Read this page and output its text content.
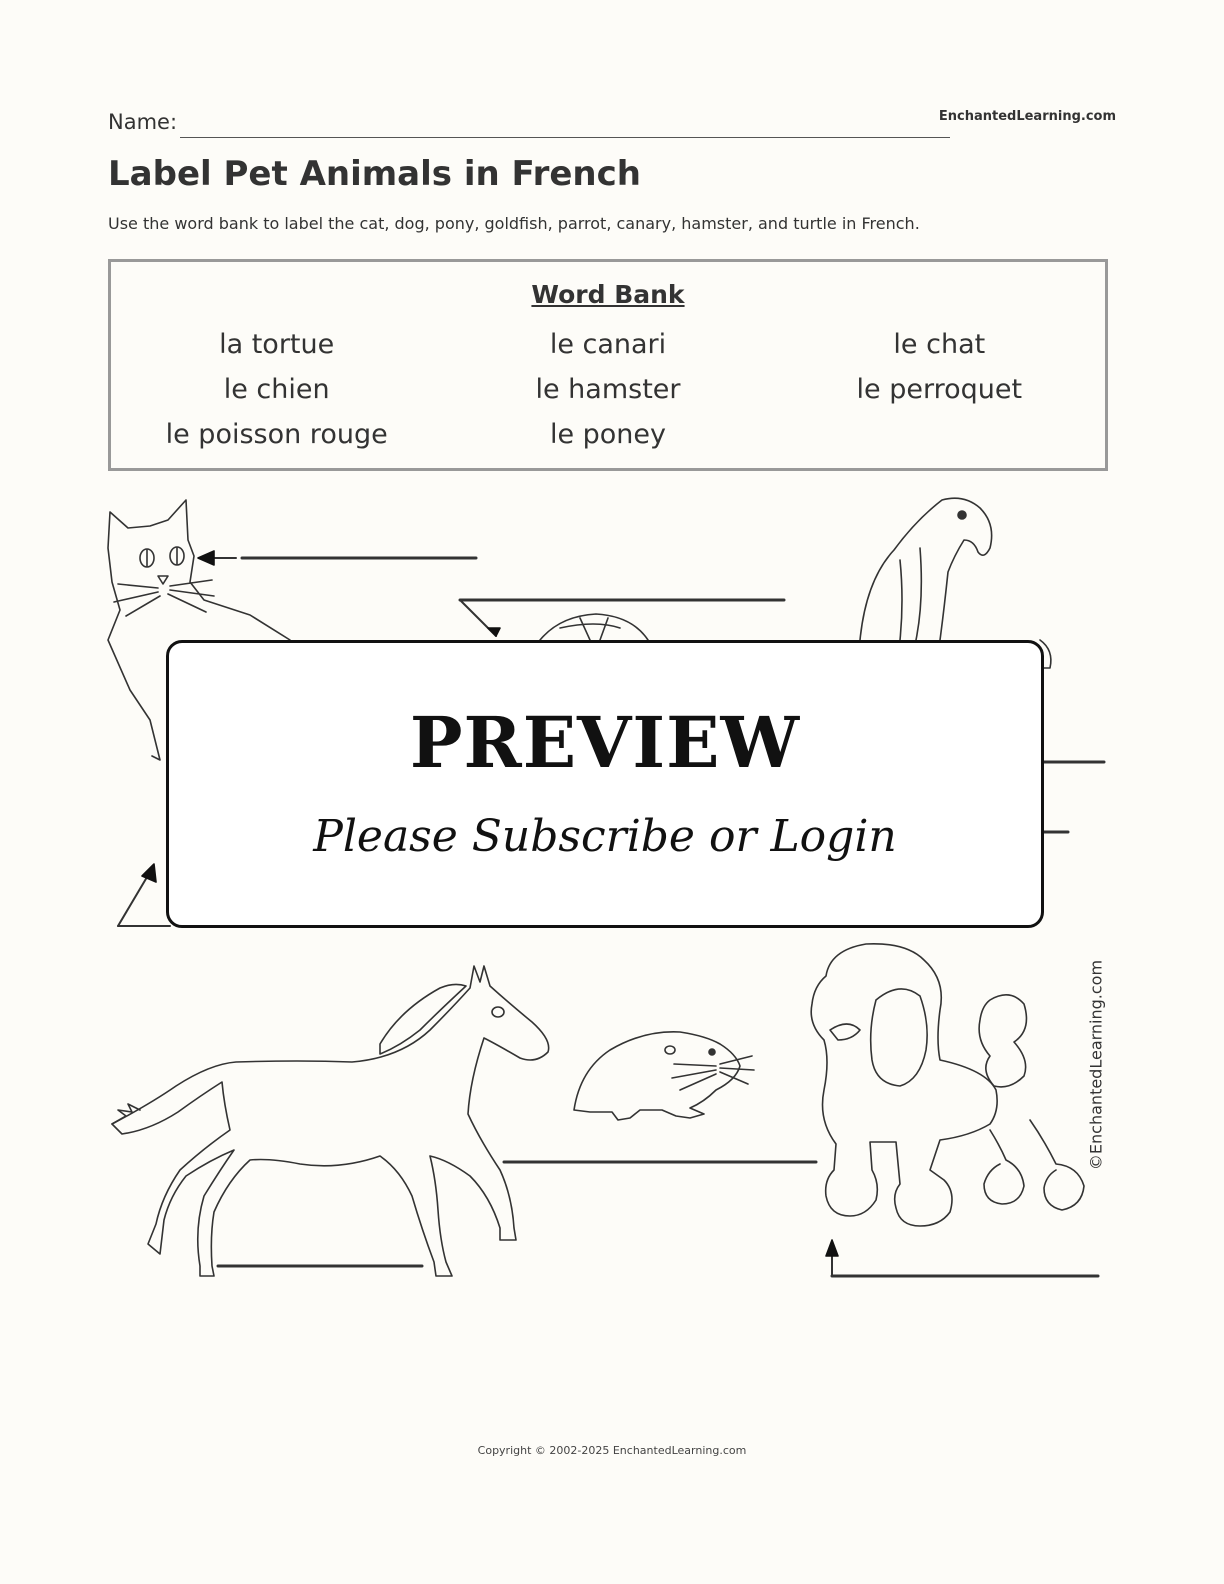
Name:	EnchantedLearning.com
Label Pet Animals in French
Use the word bank to label the cat, dog, pony, goldfish, parrot, canary, hamster, and turtle in French.
Word Bank
la tortue	le canari	le chat
le chien	le hamster	le perroquet
le poisson rouge	le poney
PREVIEW
Please Subscribe or Login
©EnchantedLearning.com
Copyright © 2002-2025 EnchantedLearning.com
